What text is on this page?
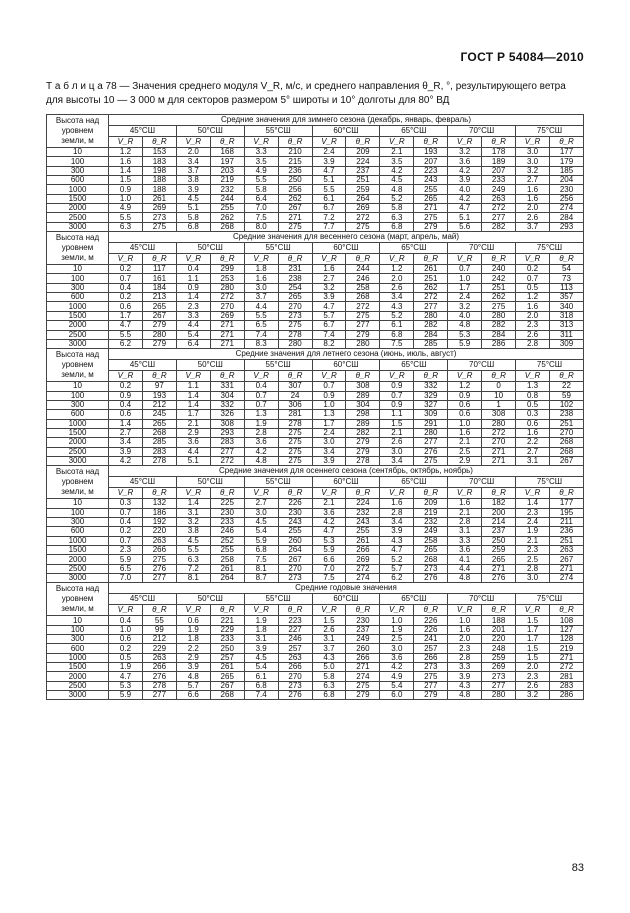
ГОСТ Р 54084—2010
Т а б л и ц а 78 — Значения среднего модуля V_R, м/с, и среднего направления θ_R, °, результирующего ветра для высоты 10 — 3 000 м для секторов размером 5° широты и 10° долготы для 80° ВД
Высота над уровнем земли, м	Средние значения для зимнего сезона (декабрь, январь, февраль)													
	45°СШ		50°СШ		55°СШ		60°СШ		65°СШ		70°СШ		75°СШ	
	V_R	θ_R	V_R	θ_R	V_R	θ_R	V_R	θ_R	V_R	θ_R	V_R	θ_R	V_R	θ_R
10	1.2	153	2.0	168	3.3	210	2.4	209	2.1	193	3.2	178	3.0	177
100	1.6	183	3.4	197	3.5	215	3.9	224	3.5	207	3.6	189	3.0	179
300	1.4	198	3.7	203	4.9	236	4.7	237	4.2	223	4.2	207	3.2	185
600	1.5	188	3.8	219	5.5	250	5.1	251	4.5	243	3.9	233	2.7	204
1000	0.9	188	3.9	232	5.8	256	5.5	259	4.8	255	4.0	249	1.6	230
1500	1.0	261	4.5	244	6.4	262	6.1	264	5.2	265	4.2	263	1.6	256
2000	4.9	269	5.1	255	7.0	267	6.7	269	5.8	271	4.7	272	2.0	274
2500	5.5	273	5.8	262	7.5	271	7.2	272	6.3	275	5.1	277	2.6	284
3000	6.3	275	6.8	268	8.0	275	7.7	275	6.8	279	5.6	282	3.7	293
Высота над уровнем земли, м	Средние значения для весеннего сезона (март, апрель, май)													
	45°СШ		50°СШ		55°СШ		60°СШ		65°СШ		70°СШ		75°СШ	
	V_R	θ_R	V_R	θ_R	V_R	θ_R	V_R	θ_R	V_R	θ_R	V_R	θ_R	V_R	θ_R
10	0.2	117	0.4	299	1.8	231	1.6	244	1.2	261	0.7	240	0.2	54
100	0.7	161	1.1	253	1.6	238	2.7	246	2.0	251	1.0	242	0.7	73
300	0.4	184	0.9	280	3.0	254	3.2	258	2.6	262	1.7	251	0.5	113
600	0.2	213	1.4	272	3.7	265	3.9	268	3.4	272	2.4	262	1.2	357
1000	0.6	265	2.3	270	4.4	270	4.7	272	4.3	277	3.2	275	1.6	340
1500	1.7	267	3.3	269	5.5	273	5.7	275	5.2	280	4.0	280	2.0	318
2000	4.7	279	4.4	271	6.5	275	6.7	277	6.1	282	4.8	282	2.3	313
2500	5.5	280	5.4	271	7.4	278	7.4	279	6.8	284	5.3	284	2.6	311
3000	6.2	279	6.4	271	8.3	280	8.2	280	7.5	285	5.9	286	2.8	309
Высота над уровнем земли, м	Средние значения для летнего сезона (июнь, июль, август)													
	45°СШ		50°СШ		55°СШ		60°СШ		65°СШ		70°СШ		75°СШ	
	V_R	θ_R	V_R	θ_R	V_R	θ_R	V_R	θ_R	V_R	θ_R	V_R	θ_R	V_R	θ_R
10	0.2	97	1.1	331	0.4	307	0.7	308	0.9	332	1.2	0	1.3	22
100	0.9	193	1.4	304	0.7	24	0.9	289	0.7	329	0.9	10	0.8	59
300	0.4	212	1.4	332	0.7	306	1.0	304	0.9	327	0.6	1	0.5	102
600	0.6	245	1.7	326	1.3	281	1.3	298	1.1	309	0.6	308	0.3	238
1000	1.4	265	2.1	308	1.9	278	1.7	289	1.5	291	1.0	280	0.6	251
1500	2.7	268	2.9	293	2.8	275	2.4	282	2.1	280	1.6	272	1.6	270
2000	3.4	285	3.6	283	3.6	275	3.0	279	2.6	277	2.1	270	2.2	268
2500	3.9	283	4.4	277	4.2	275	3.4	279	3.0	276	2.5	271	2.7	268
3000	4.2	278	5.1	272	4.8	275	3.9	278	3.4	275	2.9	271	3.1	267
Высота над уровнем земли, м	Средние значения для осеннего сезона (сентябрь, октябрь, ноябрь)													
	45°СШ		50°СШ		55°СШ		60°СШ		65°СШ		70°СШ		75°СШ	
	V_R	θ_R	V_R	θ_R	V_R	θ_R	V_R	θ_R	V_R	θ_R	V_R	θ_R	V_R	θ_R
10	0.3	132	1.4	225	2.7	226	2.1	224	1.6	209	1.6	182	1.4	177
100	0.7	186	3.1	230	3.0	230	3.6	232	2.8	219	2.1	200	2.3	195
300	0.4	192	3.2	233	4.5	243	4.2	243	3.4	232	2.8	214	2.4	211
600	0.2	220	3.8	246	5.4	255	4.7	255	3.9	249	3.1	237	1.9	236
1000	0.7	263	4.5	252	5.9	260	5.3	261	4.3	258	3.3	250	2.1	251
1500	2.3	266	5.5	255	6.8	264	5.9	266	4.7	265	3.6	259	2.3	263
2000	5.9	275	6.3	258	7.5	267	6.6	269	5.2	268	4.1	265	2.5	267
2500	6.5	276	7.2	261	8.1	270	7.0	272	5.7	273	4.4	271	2.8	271
3000	7.0	277	8.1	264	8.7	273	7.5	274	6.2	276	4.8	276	3.0	274
Высота над уровнем земли, м	Средние годовые значения													
	45°СШ		50°СШ		55°СШ		60°СШ		65°СШ		70°СШ		75°СШ	
	V_R	θ_R	V_R	θ_R	V_R	θ_R	V_R	θ_R	V_R	θ_R	V_R	θ_R	V_R	θ_R
10	0.4	55	0.6	221	1.9	223	1.5	230	1.0	226	1.0	188	1.5	108
100	1.0	99	1.9	229	1.8	227	2.6	237	1.9	226	1.6	201	1.7	127
300	0.6	212	1.8	233	3.1	246	3.1	249	2.5	241	2.0	220	1.7	128
600	0.2	229	2.2	250	3.9	257	3.7	260	3.0	257	2.3	248	1.5	219
1000	0.5	263	2.9	257	4.5	263	4.3	266	3.6	266	2.8	259	1.5	271
1500	1.9	266	3.9	261	5.4	266	5.0	271	4.2	273	3.3	269	2.0	272
2000	4.7	276	4.8	265	6.1	270	5.8	274	4.9	275	3.9	273	2.3	281
2500	5.3	278	5.7	267	6.8	273	6.3	275	5.4	277	4.3	277	2.6	283
3000	5.9	277	6.6	268	7.4	276	6.8	279	6.0	279	4.8	280	3.2	286
83
